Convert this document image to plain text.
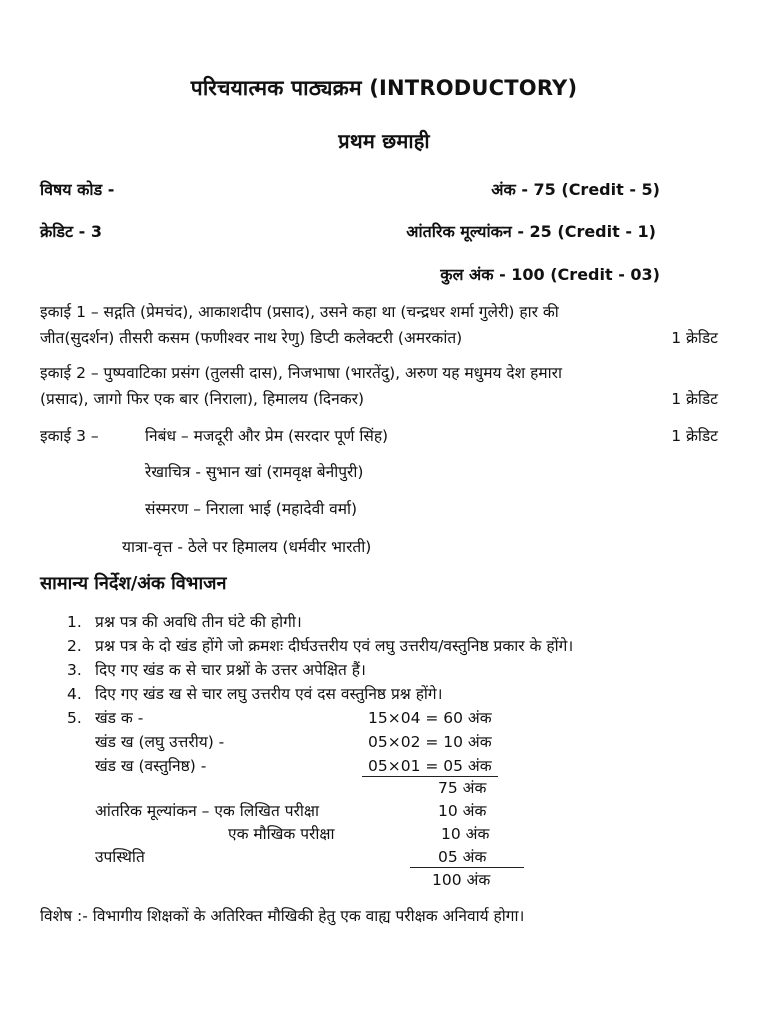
परिचयात्मक पाठ्यक्रम (INTRODUCTORY)
प्रथम छमाही
विषय कोड -	अंक - 75 (Credit - 5)
क्रेडिट - 3	आंतरिक मूल्यांकन - 25 (Credit - 1)
कुल अंक - 100 (Credit - 03)
इकाई 1 – सद्गति (प्रेमचंद), आकाशदीप (प्रसाद), उसने कहा था (चन्द्रधर शर्मा गुलेरी) हार की
जीत(सुदर्शन) तीसरी कसम (फणीश्वर नाथ रेणु) डिप्टी कलेक्टरी (अमरकांत)	1 क्रेडिट
इकाई 2 – पुष्पवाटिका प्रसंग (तुलसी दास), निजभाषा (भारतेंदु), अरुण यह मधुमय देश हमारा
(प्रसाद), जागो फिर एक बार (निराला), हिमालय (दिनकर)	1 क्रेडिट
इकाई 3 –	निबंध – मजदूरी और प्रेम (सरदार पूर्ण सिंह)	1 क्रेडिट
रेखाचित्र - सुभान खां (रामवृक्ष बेनीपुरी)
संस्मरण – निराला भाई (महादेवी वर्मा)
यात्रा-वृत्त - ठेले पर हिमालय (धर्मवीर भारती)
सामान्य निर्देश/अंक विभाजन
1. प्रश्न पत्र की अवधि तीन घंटे की होगी।
2. प्रश्न पत्र के दो खंड होंगे जो क्रमशः दीर्घउत्तरीय एवं लघु उत्तरीय/वस्तुनिष्ठ प्रकार के होंगे।
3. दिए गए खंड क से चार प्रश्नों के उत्तर अपेक्षित हैं।
4. दिए गए खंड ख से चार लघु उत्तरीय एवं दस वस्तुनिष्ठ प्रश्न होंगे।
5. खंड क -	15×04 = 60 अंक
खंड ख (लघु उत्तरीय) -	05×02 = 10 अंक
खंड ख (वस्तुनिष्ठ) -	05×01 = 05 अंक
75 अंक
आंतरिक मूल्यांकन – एक लिखित परीक्षा	10 अंक
एक मौखिक परीक्षा	10 अंक
उपस्थिति	05 अंक
100 अंक
विशेष :- विभागीय शिक्षकों के अतिरिक्त मौखिकी हेतु एक वाह्य परीक्षक अनिवार्य होगा।
